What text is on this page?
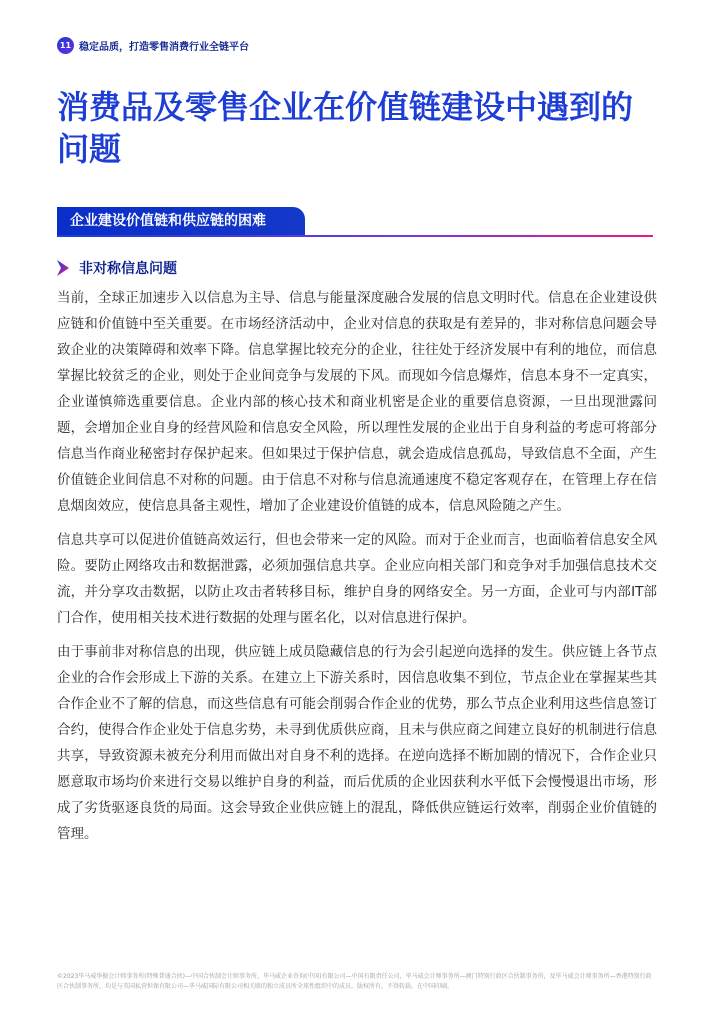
11 稳定品质，打造零售消费行业全链平台
消费品及零售企业在价值链建设中遇到的问题
企业建设价值链和供应链的困难
非对称信息问题

当前，全球正加速步入以信息为主导、信息与能量深度融合发展的信息文明时代。信息在企业建设供应链和价值链中至关重要。在市场经济活动中，企业对信息的获取是有差异的，非对称信息问题会导致企业的决策障碍和效率下降。信息掌握比较充分的企业，往往处于经济发展中有利的地位，而信息掌握比较贫乏的企业，则处于企业间竞争与发展的下风。而现如今信息爆炸，信息本身不一定真实，企业谨慎筛选重要信息。企业内部的核心技术和商业机密是企业的重要信息资源，一旦出现泄露问题，会增加企业自身的经营风险和信息安全风险，所以理性发展的企业出于自身利益的考虑可将部分信息当作商业秘密封存保护起来。但如果过于保护信息，就会造成信息孤岛，导致信息不全面，产生价值链企业间信息不对称的问题。由于信息不对称与信息流通速度不稳定客观存在，在管理上存在信息烟囱效应，使信息具备主观性，增加了企业建设价值链的成本，信息风险随之产生。

信息共享可以促进价值链高效运行，但也会带来一定的风险。而对于企业而言，也面临着信息安全风险。要防止网络攻击和数据泄露，必须加强信息共享。企业应向相关部门和竞争对手加强信息技术交流，并分享攻击数据，以防止攻击者转移目标，维护自身的网络安全。另一方面，企业可与内部IT部门合作，使用相关技术进行数据的处理与匿名化，以对信息进行保护。

由于事前非对称信息的出现，供应链上成员隐藏信息的行为会引起逆向选择的发生。供应链上各节点企业的合作会形成上下游的关系。在建立上下游关系时，因信息收集不到位，节点企业在掌握某些其合作企业不了解的信息，而这些信息有可能会削弱合作企业的优势，那么节点企业利用这些信息签订合约，使得合作企业处于信息劣势，未寻到优质供应商，且未与供应商之间建立良好的机制进行信息共享，导致资源未被充分利用而做出对自身不利的选择。在逆向选择不断加剧的情况下，合作企业只愿意取市场均价来进行交易以维护自身的利益，而后优质的企业因获利水平低下会慢慢退出市场，形成了劣货驱逐良货的局面。这会导致企业供应链上的混乱，降低供应链运行效率，削弱企业价值链的管理。

©2023毕马威华振会计师事务所(特殊普通合伙)—中国合伙制会计师事务所，毕马威企业咨询(中国)有限公司—中国有限责任公司，毕马威会计师事务所—澳门特别行政区合伙制事务所，及毕马威会计师事务所—香港特别行政区合伙制事务所，均是与英国私营担保有限公司—毕马威国际有限公司相关联的独立成员所全球性组织中的成员。版权所有，不得转载。在中国印刷。
